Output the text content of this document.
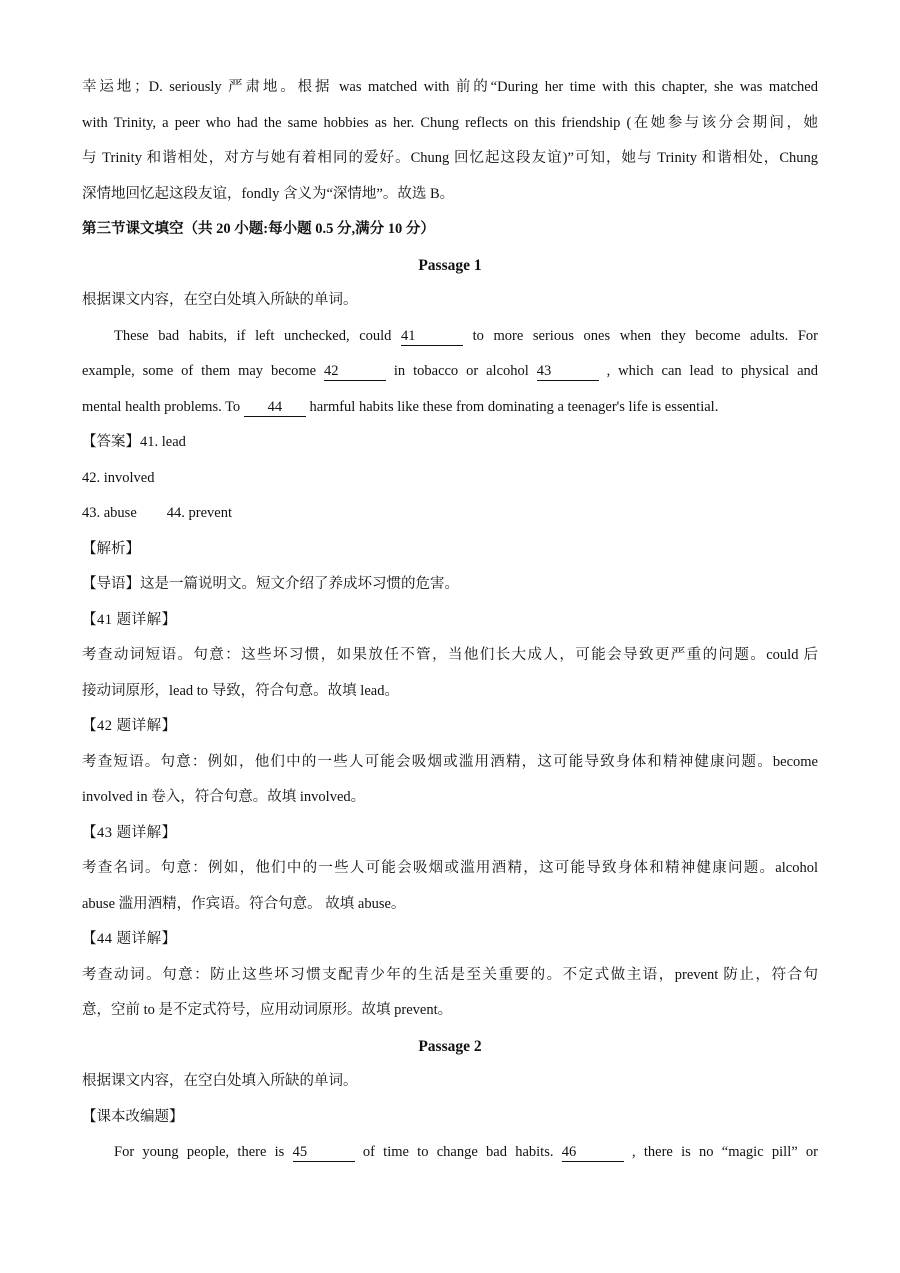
幸运地；D. seriously 严肃地。根据 was matched with 前的“During her time with this chapter, she was matched
with Trinity, a peer who had the same hobbies as her. Chung reflects on this friendship (在她参与该分会期间，她
与 Trinity 和谐相处，对方与她有着相同的爱好。Chung 回忆起这段友谊)”可知，她与 Trinity 和谐相处，Chung
深情地回忆起这段友谊，fondly 含义为“深情地”。故选 B。
第三节课文填空（共 20 小题:每小题 0.5 分,满分 10 分）
Passage 1
根据课文内容，在空白处填入所缺的单词。
These bad habits, if left unchecked, could 41	to more serious ones when they become adults. For
example, some of them may become 42	in tobacco or alcohol 43	, which can lead to physical and
mental health problems. To 44 harmful habits like these from dominating a teenager's life is essential.
【答案】41. lead
42. involved
43. abuse 44. prevent
【解析】
【导语】这是一篇说明文。短文介绍了养成坏习惯的危害。
【41 题详解】
考查动词短语。句意：这些坏习惯，如果放任不管，当他们长大成人，可能会导致更严重的问题。could 后
接动词原形，lead to 导致，符合句意。故填 lead。
【42 题详解】
考查短语。句意：例如，他们中的一些人可能会吸烟或滥用酒精，这可能导致身体和精神健康问题。become
involved in 卷入，符合句意。故填 involved。
【43 题详解】
考查名词。句意：例如，他们中的一些人可能会吸烟或滥用酒精，这可能导致身体和精神健康问题。alcohol
abuse 滥用酒精，作宾语。符合句意。 故填 abuse。
【44 题详解】
考查动词。句意：防止这些坏习惯支配青少年的生活是至关重要的。不定式做主语，prevent 防止，符合句
意，空前 to 是不定式符号，应用动词原形。故填 prevent。
Passage 2
根据课文内容，在空白处填入所缺的单词。
【课本改编题】
For young people, there is 45	of time to change bad habits. 46	, there is no “magic pill” or
